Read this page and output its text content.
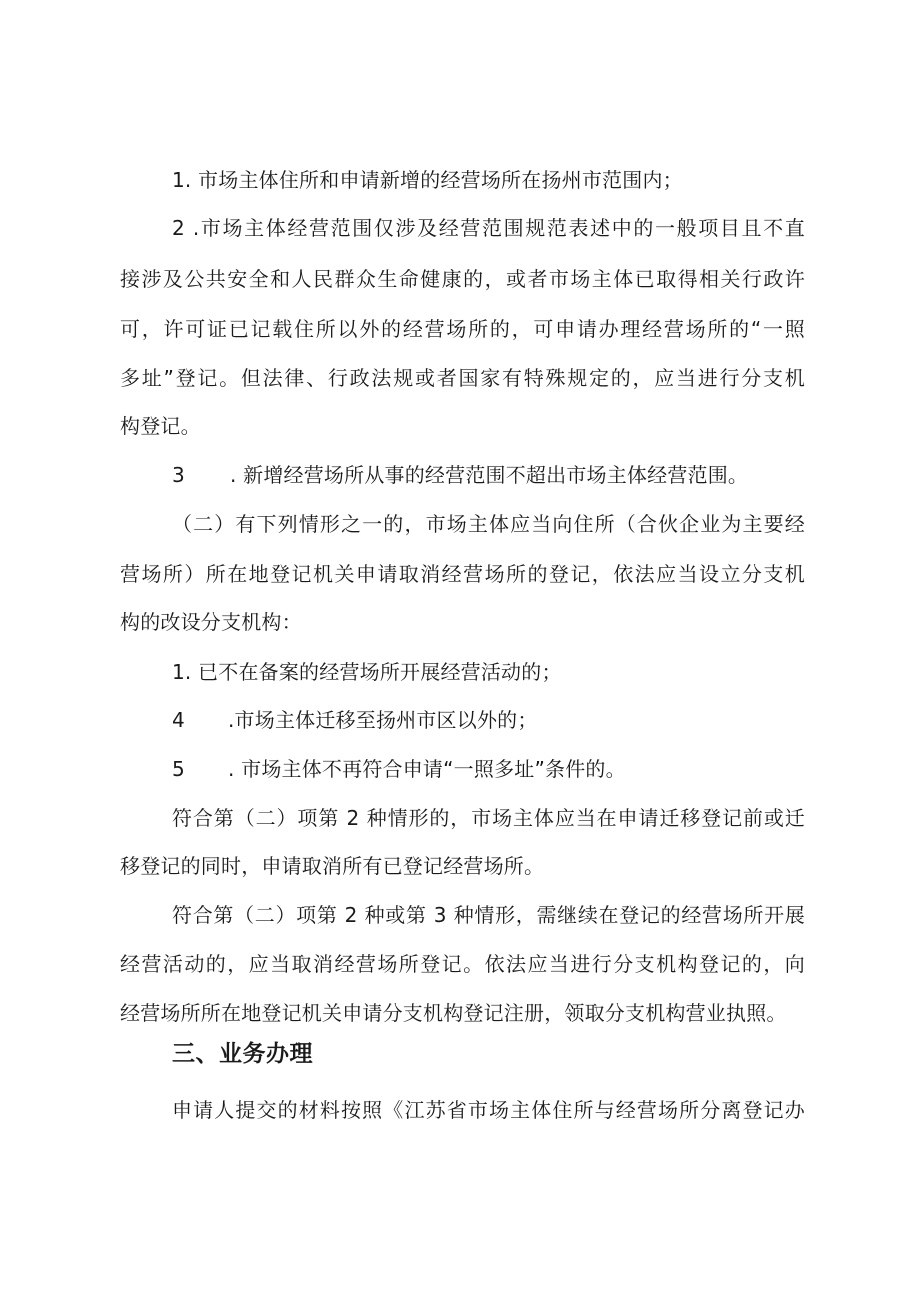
1. 市场主体住所和申请新增的经营场所在扬州市范围内；
2 .市场主体经营范围仅涉及经营范围规范表述中的一般项目且不直
接涉及公共安全和人民群众生命健康的，或者市场主体已取得相关行政许
可，许可证已记载住所以外的经营场所的，可申请办理经营场所的“一照
多址”登记。但法律、行政法规或者国家有特殊规定的，应当进行分支机
构登记。
3 . 新增经营场所从事的经营范围不超出市场主体经营范围。
（二）有下列情形之一的，市场主体应当向住所（合伙企业为主要经
营场所）所在地登记机关申请取消经营场所的登记，依法应当设立分支机
构的改设分支机构：
1. 已不在备案的经营场所开展经营活动的；
4 .市场主体迁移至扬州市区以外的；
5 . 市场主体不再符合申请“一照多址”条件的。
符合第（二）项第 2 种情形的，市场主体应当在申请迁移登记前或迁
移登记的同时，申请取消所有已登记经营场所。
符合第（二）项第 2 种或第 3 种情形，需继续在登记的经营场所开展
经营活动的，应当取消经营场所登记。依法应当进行分支机构登记的，向
经营场所所在地登记机关申请分支机构登记注册，领取分支机构营业执照。
三、业务办理
申请人提交的材料按照《江苏省市场主体住所与经营场所分离登记办
